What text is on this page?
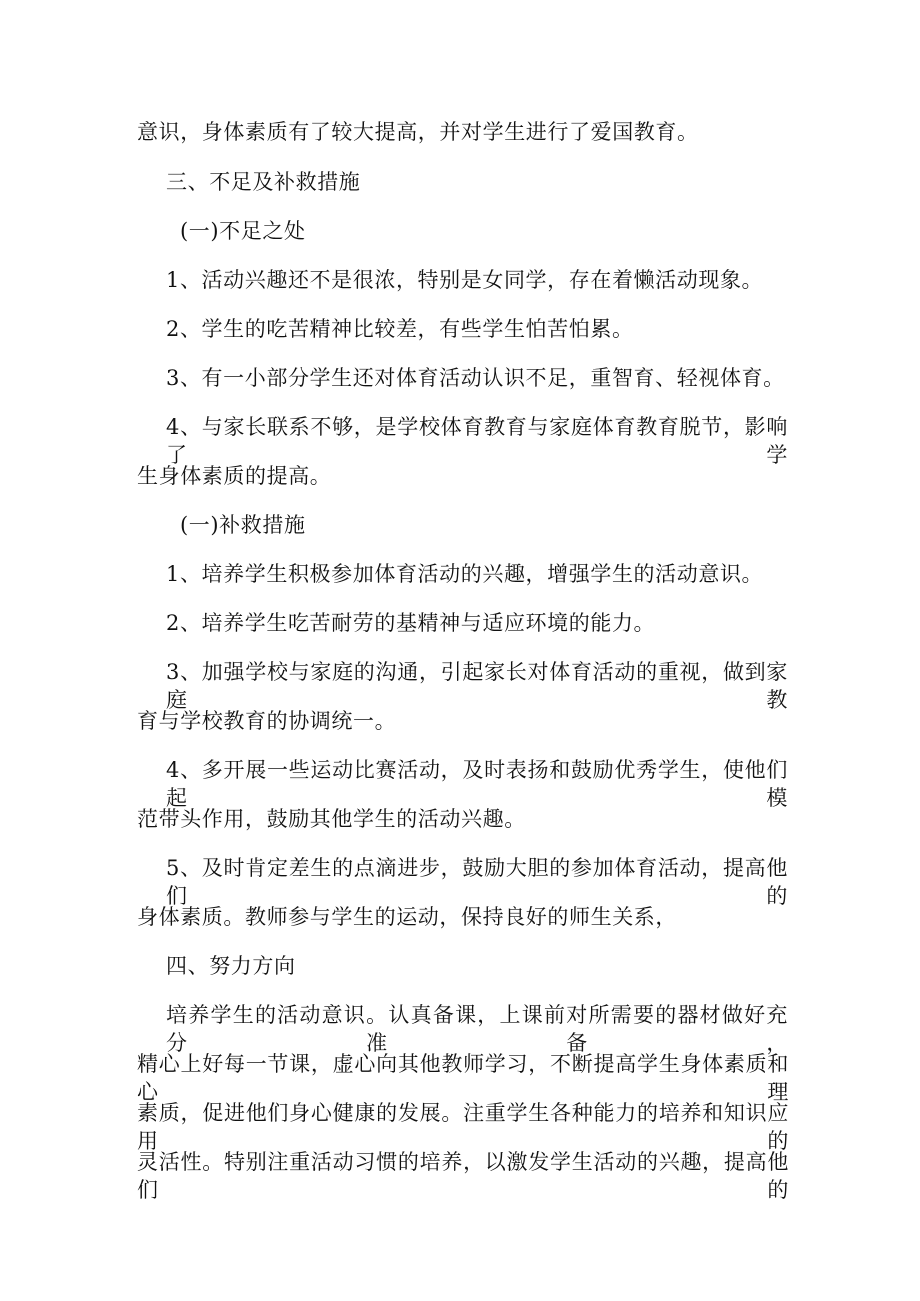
意识，身体素质有了较大提高，并对学生进行了爱国教育。
三、不足及补救措施
(一)不足之处
1、活动兴趣还不是很浓，特别是女同学，存在着懒活动现象。
2、学生的吃苦精神比较差，有些学生怕苦怕累。
3、有一小部分学生还对体育活动认识不足，重智育、轻视体育。
4、与家长联系不够，是学校体育教育与家庭体育教育脱节，影响了学
生身体素质的提高。
(一)补救措施
1、培养学生积极参加体育活动的兴趣，增强学生的活动意识。
2、培养学生吃苦耐劳的基精神与适应环境的能力。
3、加强学校与家庭的沟通，引起家长对体育活动的重视，做到家庭教
育与学校教育的协调统一。
4、多开展一些运动比赛活动，及时表扬和鼓励优秀学生，使他们起模
范带头作用，鼓励其他学生的活动兴趣。
5、及时肯定差生的点滴进步，鼓励大胆的参加体育活动，提高他们的
身体素质。教师参与学生的运动，保持良好的师生关系，
四、努力方向
培养学生的活动意识。认真备课，上课前对所需要的器材做好充分准备，
精心上好每一节课，虚心向其他教师学习，不断提高学生身体素质和心理
素质，促进他们身心健康的发展。注重学生各种能力的培养和知识应用的
灵活性。特别注重活动习惯的培养，以激发学生活动的兴趣，提高他们的
